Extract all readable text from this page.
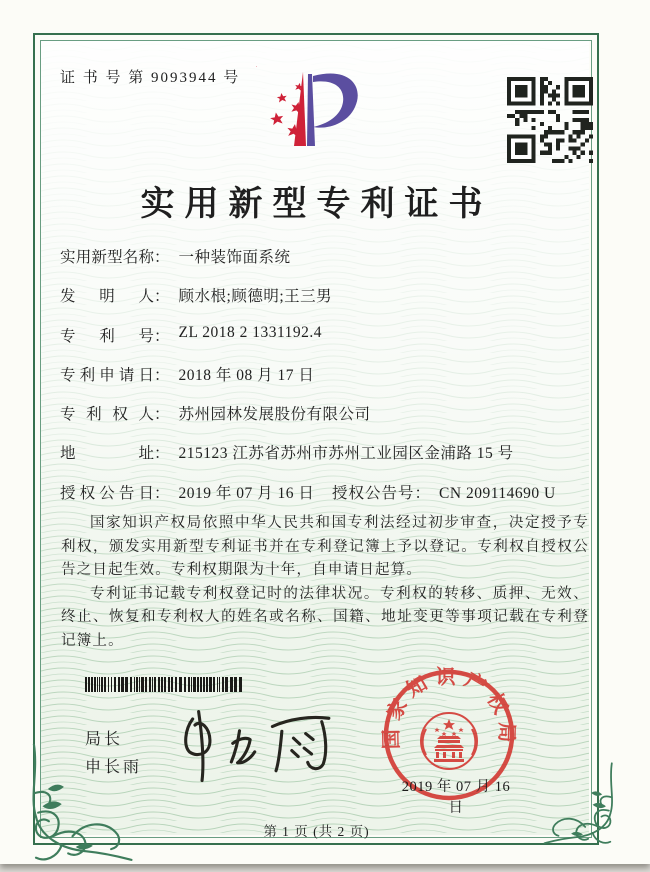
证 书 号 第 9093944 号
实用新型专利证书
实用新型名称： 一种装饰面系统
发明人： 顾水根;顾德明;王三男
专利号： ZL 2018 2 1331192.4
专利申请日： 2018 年 08 月 17 日
专利权人： 苏州园林发展股份有限公司
地址： 215123 江苏省苏州市苏州工业园区金浦路 15 号
授权公告日： 2019 年 07 月 16 日 授权公告号： CN 209114690 U

国家知识产权局依照中华人民共和国专利法经过初步审查，决定授予专利权，颁发实用新型专利证书并在专利登记簿上予以登记。专利权自授权公告之日起生效。专利权期限为十年，自申请日起算。

专利证书记载专利权登记时的法律状况。专利权的转移、质押、无效、终止、恢复和专利权人的姓名或名称、国籍、地址变更等事项记载在专利登记簿上。

局长
申长雨
国家知识产权局
2019 年 07 月 16 日
第 1 页 (共 2 页)
